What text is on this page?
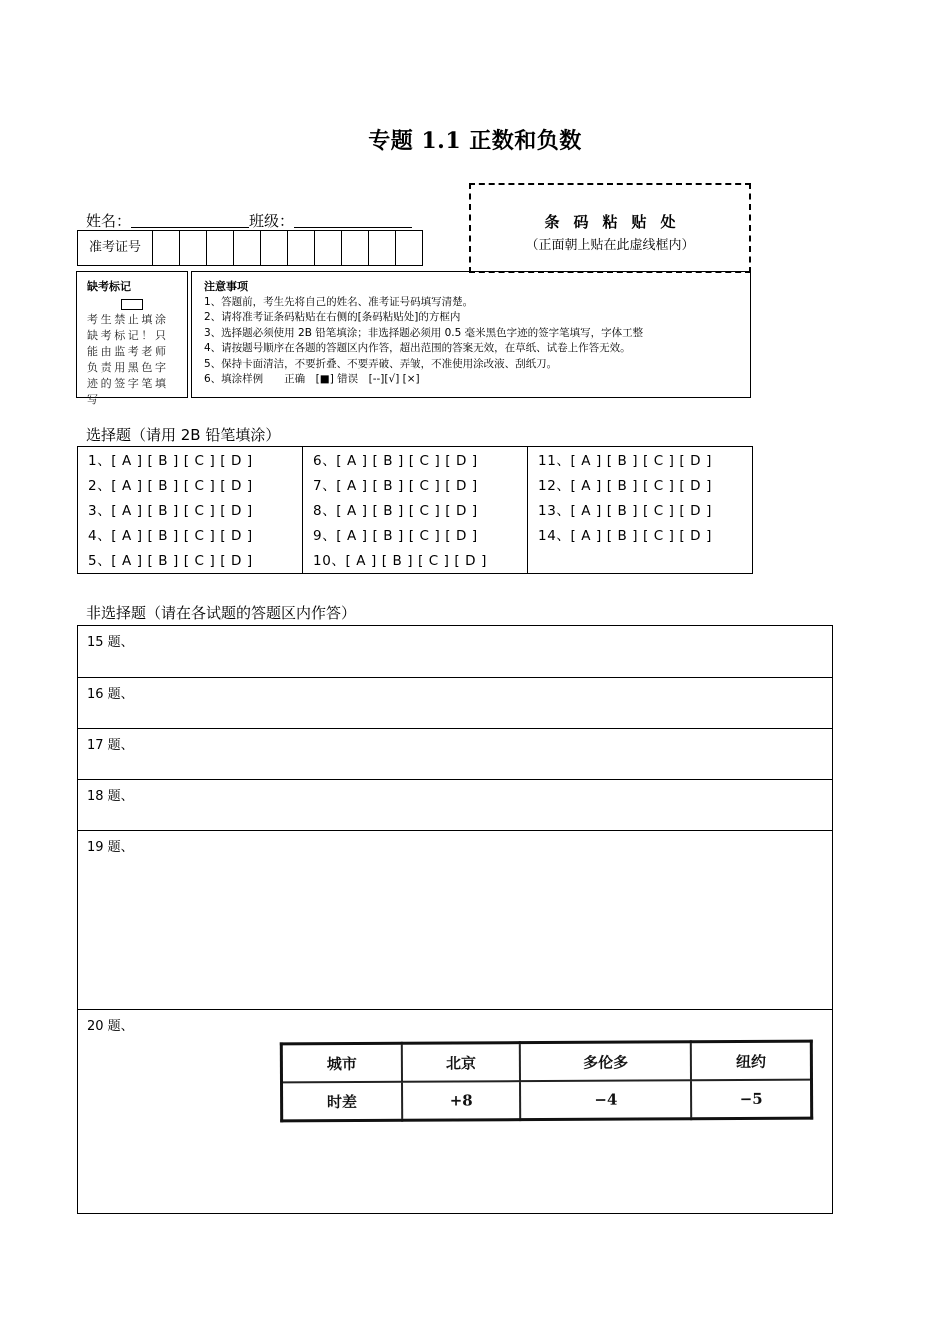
专题 1.1 正数和负数
姓名：	班级：
准考证号
条码粘贴处
（正面朝上贴在此虚线框内）
缺考标记
考生禁止填涂缺考标记！只能由监考老师负责用黑色字迹的签字笔填写
注意事项
1、答题前，考生先将自己的姓名、准考证号码填写清楚。
2、请将准考证条码粘贴在右侧的[条码粘贴处]的方框内
3、选择题必须使用 2B 铅笔填涂；非选择题必须用 0.5 毫米黑色字迹的签字笔填写，字体工整
4、请按题号顺序在各题的答题区内作答，超出范围的答案无效，在草纸、试卷上作答无效。
5、保持卡面清洁，不要折叠、不要弄破、弄皱，不准使用涂改液、刮纸刀。
6、填涂样例　　正确　[■] 错误　[--][√] [×]
选择题（请用 2B 铅笔填涂）
1、[ A ] [ B ] [ C ] [ D ]
2、[ A ] [ B ] [ C ] [ D ]
3、[ A ] [ B ] [ C ] [ D ]
4、[ A ] [ B ] [ C ] [ D ]
5、[ A ] [ B ] [ C ] [ D ]
6、[ A ] [ B ] [ C ] [ D ]
7、[ A ] [ B ] [ C ] [ D ]
8、[ A ] [ B ] [ C ] [ D ]
9、[ A ] [ B ] [ C ] [ D ]
10、[ A ] [ B ] [ C ] [ D ]
11、[ A ] [ B ] [ C ] [ D ]
12、[ A ] [ B ] [ C ] [ D ]
13、[ A ] [ B ] [ C ] [ D ]
14、[ A ] [ B ] [ C ] [ D ]
非选择题（请在各试题的答题区内作答）
15 题、
16 题、
17 题、
18 题、
19 题、
20 题、
城市	北京	多伦多	纽约
时差	+8	−4	−5
